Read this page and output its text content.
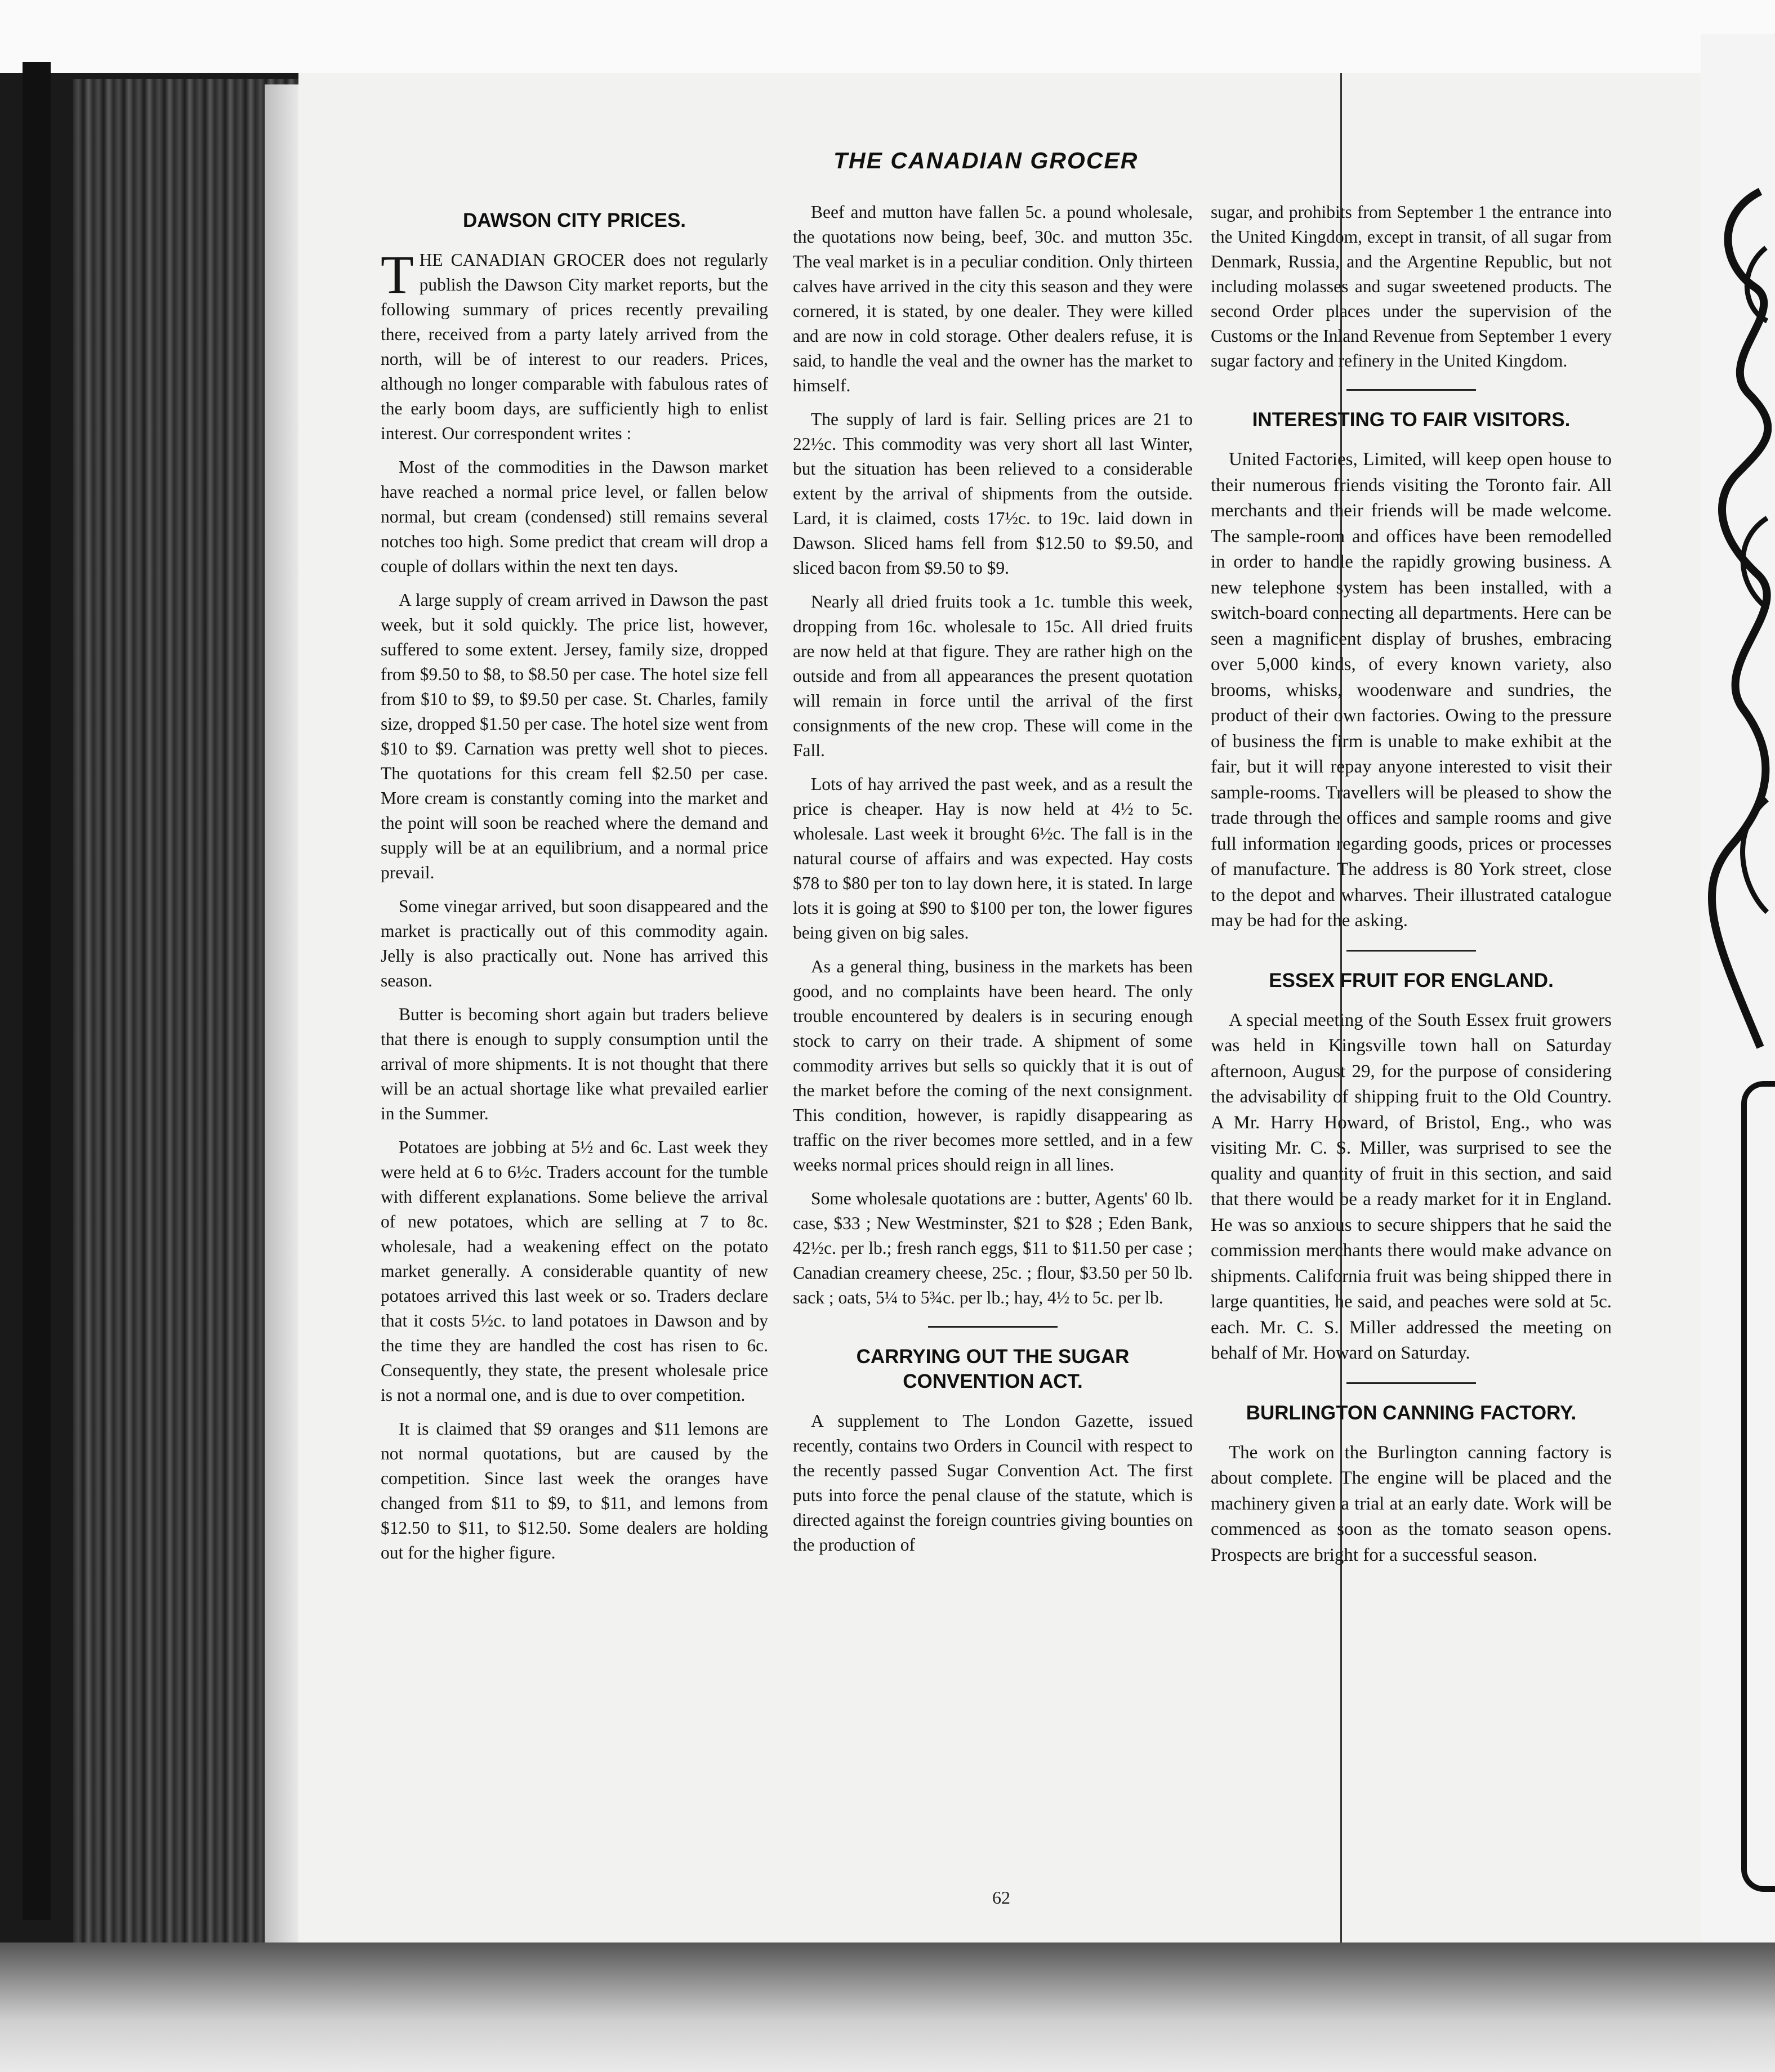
THE CANADIAN GROCER
DAWSON CITY PRICES.

THE CANADIAN GROCER does not regularly publish the Dawson City market reports, but the following summary of prices recently prevailing there, received from a party lately arrived from the north, will be of interest to our readers. Prices, although no longer comparable with fabulous rates of the early boom days, are sufficiently high to enlist interest. Our correspondent writes :

Most of the commodities in the Dawson market have reached a normal price level, or fallen below normal, but cream (condensed) still remains several notches too high. Some predict that cream will drop a couple of dollars within the next ten days.

A large supply of cream arrived in Dawson the past week, but it sold quickly. The price list, however, suffered to some extent. Jersey, family size, dropped from $9.50 to $8, to $8.50 per case. The hotel size fell from $10 to $9, to $9.50 per case. St. Charles, family size, dropped $1.50 per case. The hotel size went from $10 to $9. Carnation was pretty well shot to pieces. The quotations for this cream fell $2.50 per case. More cream is constantly coming into the market and the point will soon be reached where the demand and supply will be at an equilibrium, and a normal price prevail.

Some vinegar arrived, but soon disappeared and the market is practically out of this commodity again. Jelly is also practically out. None has arrived this season.

Butter is becoming short again but traders believe that there is enough to supply consumption until the arrival of more shipments. It is not thought that there will be an actual shortage like what prevailed earlier in the Summer.

Potatoes are jobbing at 5½ and 6c. Last week they were held at 6 to 6½c. Traders account for the tumble with different explanations. Some believe the arrival of new potatoes, which are selling at 7 to 8c. wholesale, had a weakening effect on the potato market generally. A considerable quantity of new potatoes arrived this last week or so. Traders declare that it costs 5½c. to land potatoes in Dawson and by the time they are handled the cost has risen to 6c. Consequently, they state, the present wholesale price is not a normal one, and is due to over competition.

It is claimed that $9 oranges and $11 lemons are not normal quotations, but are caused by the competition. Since last week the oranges have changed from $11 to $9, to $11, and lemons from $12.50 to $11, to $12.50. Some dealers are holding out for the higher figure.

Beef and mutton have fallen 5c. a pound wholesale, the quotations now being, beef, 30c. and mutton 35c. The veal market is in a peculiar condition. Only thirteen calves have arrived in the city this season and they were cornered, it is stated, by one dealer. They were killed and are now in cold storage. Other dealers refuse, it is said, to handle the veal and the owner has the market to himself.

The supply of lard is fair. Selling prices are 21 to 22½c. This commodity was very short all last Winter, but the situation has been relieved to a considerable extent by the arrival of shipments from the outside. Lard, it is claimed, costs 17½c. to 19c. laid down in Dawson. Sliced hams fell from $12.50 to $9.50, and sliced bacon from $9.50 to $9.

Nearly all dried fruits took a 1c. tumble this week, dropping from 16c. wholesale to 15c. All dried fruits are now held at that figure. They are rather high on the outside and from all appearances the present quotation will remain in force until the arrival of the first consignments of the new crop. These will come in the Fall.

Lots of hay arrived the past week, and as a result the price is cheaper. Hay is now held at 4½ to 5c. wholesale. Last week it brought 6½c. The fall is in the natural course of affairs and was expected. Hay costs $78 to $80 per ton to lay down here, it is stated. In large lots it is going at $90 to $100 per ton, the lower figures being given on big sales.

As a general thing, business in the markets has been good, and no complaints have been heard. The only trouble encountered by dealers is in securing enough stock to carry on their trade. A shipment of some commodity arrives but sells so quickly that it is out of the market before the coming of the next consignment. This condition, however, is rapidly disappearing as traffic on the river becomes more settled, and in a few weeks normal prices should reign in all lines.

Some wholesale quotations are : butter, Agents' 60 lb. case, $33 ; New Westminster, $21 to $28 ; Eden Bank, 42½c. per lb.; fresh ranch eggs, $11 to $11.50 per case ; Canadian creamery cheese, 25c. ; flour, $3.50 per 50 lb. sack ; oats, 5¼ to 5¾c. per lb.; hay, 4½ to 5c. per lb.

CARRYING OUT THE SUGAR CONVENTION ACT.

A supplement to The London Gazette, issued recently, contains two Orders in Council with respect to the recently passed Sugar Convention Act. The first puts into force the penal clause of the statute, which is directed against the foreign countries giving bounties on the production of

sugar, and prohibits from September 1 the entrance into the United Kingdom, except in transit, of all sugar from Denmark, Russia, and the Argentine Republic, but not including molasses and sugar sweetened products. The second Order places under the supervision of the Customs or the Inland Revenue from September 1 every sugar factory and refinery in the United Kingdom.

INTERESTING TO FAIR VISITORS.

United Factories, Limited, will keep open house to their numerous friends visiting the Toronto fair. All merchants and their friends will be made welcome. The sample-room and offices have been remodelled in order to handle the rapidly growing business. A new telephone system has been installed, with a switch-board connecting all departments. Here can be seen a magnificent display of brushes, embracing over 5,000 kinds, of every known variety, also brooms, whisks, woodenware and sundries, the product of their own factories. Owing to the pressure of business the firm is unable to make exhibit at the fair, but it will repay anyone interested to visit their sample-rooms. Travellers will be pleased to show the trade through the offices and sample rooms and give full information regarding goods, prices or processes of manufacture. The address is 80 York street, close to the depot and wharves. Their illustrated catalogue may be had for the asking.

ESSEX FRUIT FOR ENGLAND.

A special meeting of the South Essex fruit growers was held in Kingsville town hall on Saturday afternoon, August 29, for the purpose of considering the advisability of shipping fruit to the Old Country. A Mr. Harry Howard, of Bristol, Eng., who was visiting Mr. C. S. Miller, was surprised to see the quality and quantity of fruit in this section, and said that there would be a ready market for it in England. He was so anxious to secure shippers that he said the commission merchants there would make advance on shipments. California fruit was being shipped there in large quantities, he said, and peaches were sold at 5c. each. Mr. C. S. Miller addressed the meeting on behalf of Mr. Howard on Saturday.

BURLINGTON CANNING FACTORY.

The work on the Burlington canning factory is about complete. The engine will be placed and the machinery given a trial at an early date. Work will be commenced as soon as the tomato season opens. Prospects are bright for a successful season.

62
